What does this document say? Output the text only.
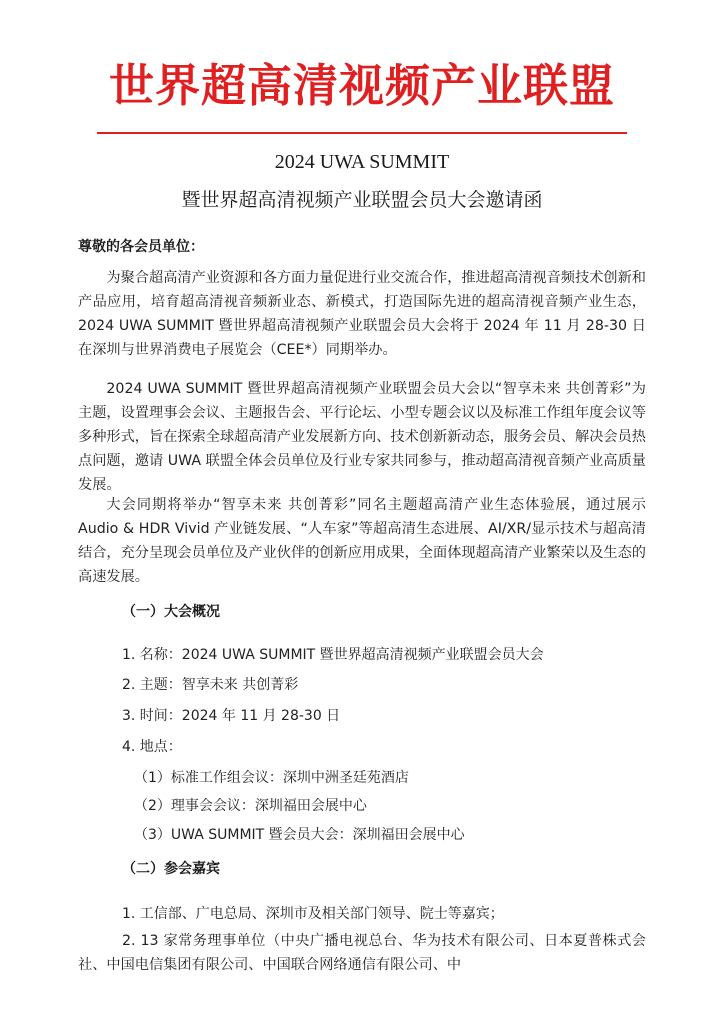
世界超高清视频产业联盟
2024 UWA SUMMIT
暨世界超高清视频产业联盟会员大会邀请函
尊敬的各会员单位：

为聚合超高清产业资源和各方面力量促进行业交流合作，推进超高清视音频技术创新和产品应用，培育超高清视音频新业态、新模式，打造国际先进的超高清视音频产业生态，2024 UWA SUMMIT 暨世界超高清视频产业联盟会员大会将于 2024 年 11 月 28-30 日在深圳与世界消费电子展览会（CEE*）同期举办。

2024 UWA SUMMIT 暨世界超高清视频产业联盟会员大会以“智享未来 共创菁彩”为主题，设置理事会会议、主题报告会、平行论坛、小型专题会议以及标准工作组年度会议等多种形式，旨在探索全球超高清产业发展新方向、技术创新新动态，服务会员、解决会员热点问题，邀请 UWA 联盟全体会员单位及行业专家共同参与，推动超高清视音频产业高质量发展。

大会同期将举办“智享未来 共创菁彩”同名主题超高清产业生态体验展，通过展示 Audio & HDR Vivid 产业链发展、“人车家”等超高清生态进展、AI/XR/显示技术与超高清结合，充分呈现会员单位及产业伙伴的创新应用成果，全面体现超高清产业繁荣以及生态的高速发展。

（一）大会概况
1. 名称：2024 UWA SUMMIT 暨世界超高清视频产业联盟会员大会
2. 主题：智享未来 共创菁彩
3. 时间：2024 年 11 月 28-30 日
4. 地点：
（1）标准工作组会议：深圳中洲圣廷苑酒店
（2）理事会会议：深圳福田会展中心
（3）UWA SUMMIT 暨会员大会：深圳福田会展中心
（二）参会嘉宾
1. 工信部、广电总局、深圳市及相关部门领导、院士等嘉宾；

2. 13 家常务理事单位（中央广播电视总台、华为技术有限公司、日本夏普株式会社、中国电信集团有限公司、中国联合网络通信有限公司、中
